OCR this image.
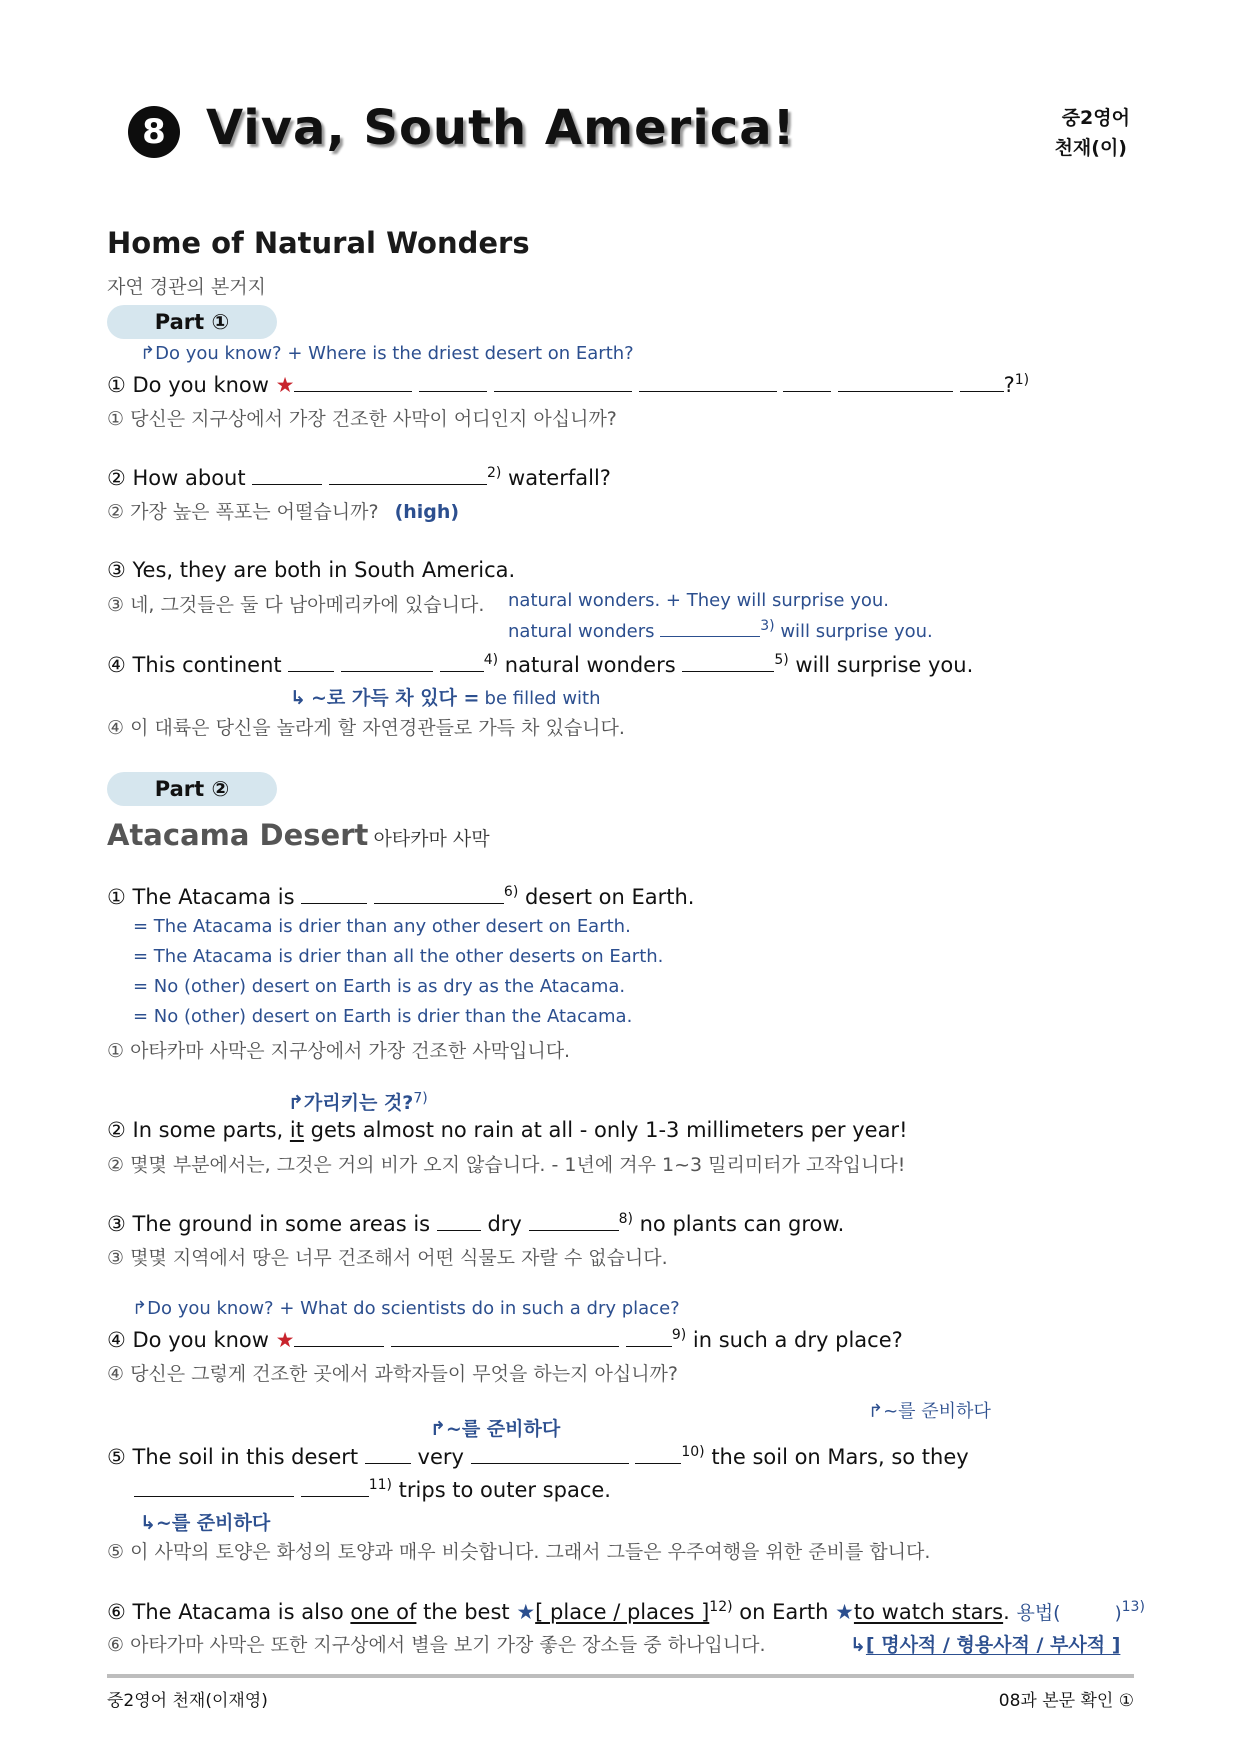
8 Viva, South America!	중2영어
천재(이)
Home of Natural Wonders
자연 경관의 본거지
Part ①
↱Do you know? + Where is the driest desert on Earth?
① Do you know ★	?$^{1)}$
① 당신은 지구상에서 가장 건조한 사막이 어디인지 아십니까?
② How about	$^{2)}$ waterfall?
② 가장 높은 폭포는 어떨습니까? (high)
③ Yes, they are both in South America.
③ 네, 그것들은 둘 다 남아메리카에 있습니다. natural wonders. + They will surprise you.
natural wonders	$^{3)}$ will surprise you.
④ This continent	$^{4)}$ natural wonders	$^{5)}$ will surprise you.
↳ ~로 가득 차 있다 = be filled with
④ 이 대륙은 당신을 놀라게 할 자연경관들로 가득 차 있습니다.
Part ②
Atacama Desert 아타카마 사막
① The Atacama is	$^{6)}$ desert on Earth.
= The Atacama is drier than any other desert on Earth.
= The Atacama is drier than all the other deserts on Earth.
= No (other) desert on Earth is as dry as the Atacama.
= No (other) desert on Earth is drier than the Atacama.
① 아타카마 사막은 지구상에서 가장 건조한 사막입니다.
↱가리키는 것?7)
② In some parts, it gets almost no rain at all - only 1-3 millimeters per year!
② 몇몇 부분에서는, 그것은 거의 비가 오지 않습니다. - 1년에 겨우 1~3 밀리미터가 고작입니다!
③ The ground in some areas is	dry	$^{8)}$ no plants can grow.
③ 몇몇 지역에서 땅은 너무 건조해서 어떤 식물도 자랄 수 없습니다.
↱Do you know? + What do scientists do in such a dry place?
④ Do you know ★	$^{9)}$ in such a dry place?
④ 당신은 그렇게 건조한 곳에서 과학자들이 무엇을 하는지 아십니까?
↱~를 준비하다
↱~를 준비하다
⑤ The soil in this desert	very	$^{10)}$ the soil on Mars, so they
$^{11)}$ trips to outer space.
↳~를 준비하다
⑤ 이 사막의 토양은 화성의 토양과 매우 비슷합니다. 그래서 그들은 우주여행을 위한 준비를 합니다.
⑥ The Atacama is also one of the best ★[ place / places ]$^{12)}$ on Earth ★to watch stars. 용법(	)$^{13)}$
⑥ 아타가마 사막은 또한 지구상에서 별을 보기 가장 좋은 장소들 중 하나입니다.	↳[ 명사적 / 형용사적 / 부사적 ]
중2영어 천재(이재영)	08과 본문 확인 ①
